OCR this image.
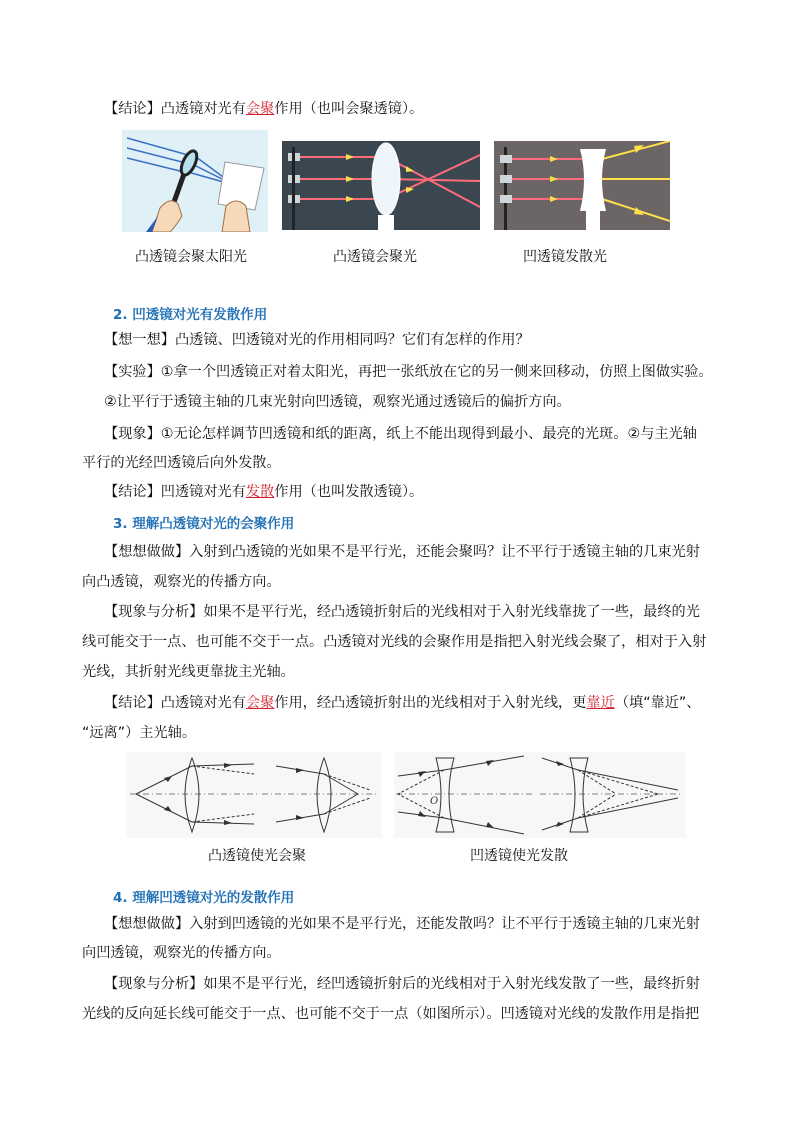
【结论】凸透镜对光有会聚作用（也叫会聚透镜）。
凸透镜会聚太阳光	凸透镜会聚光	凹透镜发散光
2. 凹透镜对光有发散作用
【想一想】凸透镜、凹透镜对光的作用相同吗？它们有怎样的作用？
【实验】①拿一个凹透镜正对着太阳光，再把一张纸放在它的另一侧来回移动，仿照上图做实验。
②让平行于透镜主轴的几束光射向凹透镜，观察光通过透镜后的偏折方向。
【现象】①无论怎样调节凹透镜和纸的距离，纸上不能出现得到最小、最亮的光斑。②与主光轴
平行的光经凹透镜后向外发散。
【结论】凹透镜对光有发散作用（也叫发散透镜）。
3. 理解凸透镜对光的会聚作用
【想想做做】入射到凸透镜的光如果不是平行光，还能会聚吗？让不平行于透镜主轴的几束光射
向凸透镜，观察光的传播方向。
【现象与分析】如果不是平行光，经凸透镜折射后的光线相对于入射光线靠拢了一些，最终的光
线可能交于一点、也可能不交于一点。凸透镜对光线的会聚作用是指把入射光线会聚了，相对于入射
光线，其折射光线更靠拢主光轴。
【结论】凸透镜对光有会聚作用，经凸透镜折射出的光线相对于入射光线，更靠近（填“靠近”、
“远离”）主光轴。
O
凸透镜使光会聚	凹透镜使光发散
4. 理解凹透镜对光的发散作用
【想想做做】入射到凹透镜的光如果不是平行光，还能发散吗？让不平行于透镜主轴的几束光射
向凹透镜，观察光的传播方向。
【现象与分析】如果不是平行光，经凹透镜折射后的光线相对于入射光线发散了一些，最终折射
光线的反向延长线可能交于一点、也可能不交于一点（如图所示）。凹透镜对光线的发散作用是指把
